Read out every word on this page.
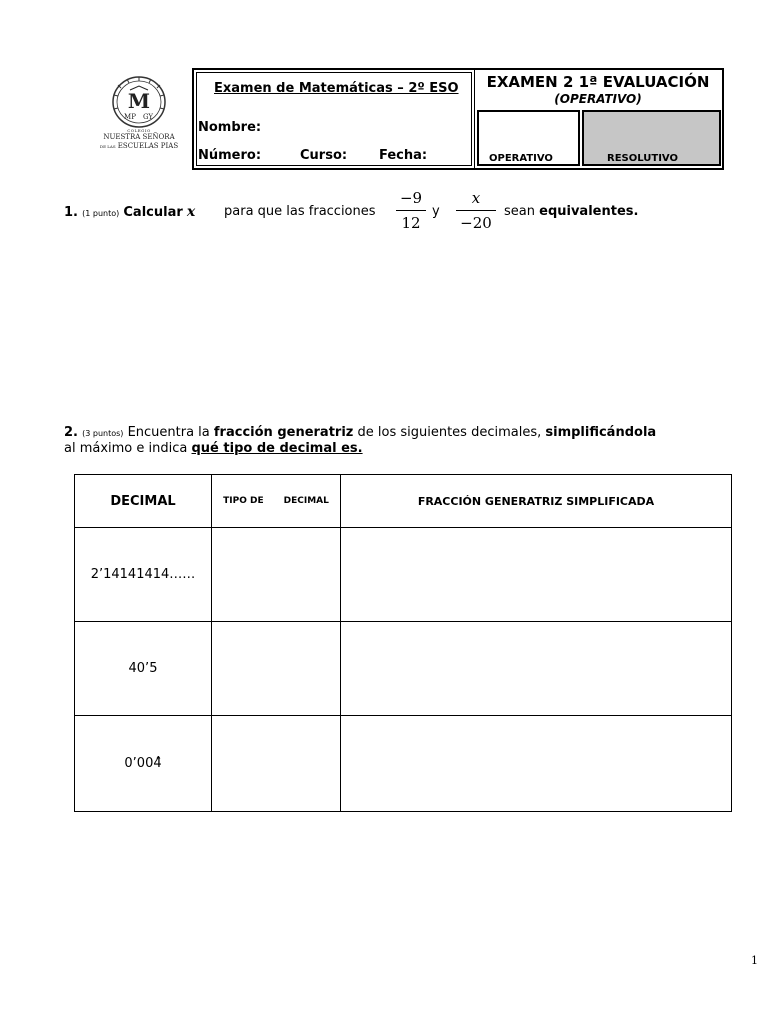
M
MP GY
COLEGIO
NUESTRA SEÑORA
DE LAS ESCUELAS PIAS
Examen de Matemáticas – 2º ESO
Nombre:
Número:	Curso: Fecha:
EXAMEN 2 1ª EVALUACIÓN
(OPERATIVO)
OPERATIVO	RESOLUTIVO
1. (1 punto) Calcular x para que las fracciones
−9
12
y
x
−20
sean equivalentes.
2. (3 puntos) Encuentra la fracción generatriz de los siguientes decimales, simplificándola
al máximo e indica qué tipo de decimal es.
DECIMAL	TIPO DE DECIMAL	FRACCIÓN GENERATRIZ SIMPLIFICADA
2’14141414……		
40’5		
0’004̂		
1
